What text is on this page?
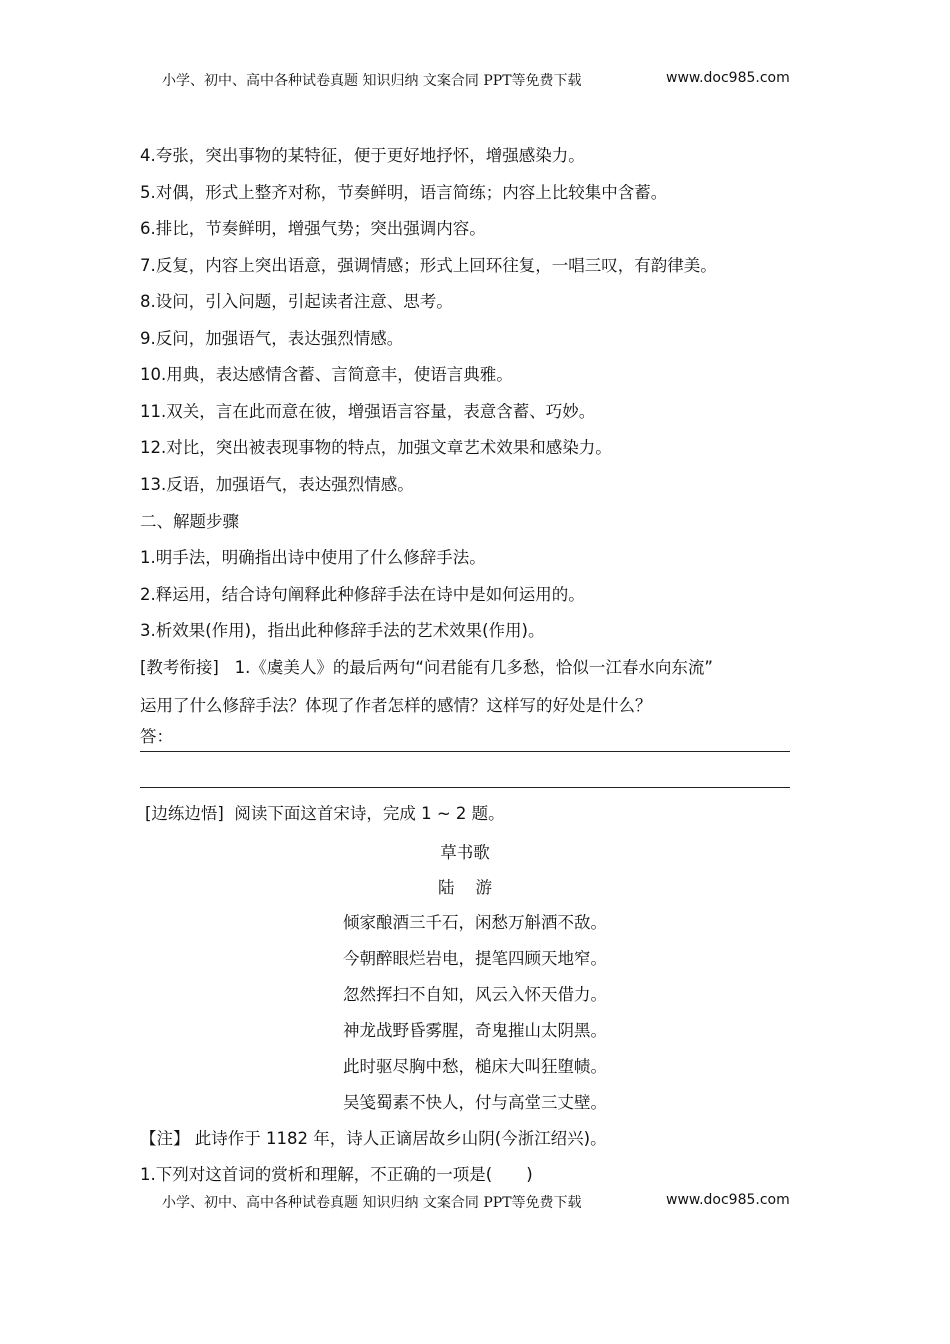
小学、初中、高中各种试卷真题 知识归纳 文案合同 PPT等免费下载	www.doc985.com
4.夸张，突出事物的某特征，便于更好地抒怀，增强感染力。
5.对偶，形式上整齐对称，节奏鲜明，语言简练；内容上比较集中含蓄。
6.排比，节奏鲜明，增强气势；突出强调内容。
7.反复，内容上突出语意，强调情感；形式上回环往复，一唱三叹，有韵律美。
8.设问，引入问题，引起读者注意、思考。
9.反问，加强语气，表达强烈情感。
10.用典，表达感情含蓄、言简意丰，使语言典雅。
11.双关，言在此而意在彼，增强语言容量，表意含蓄、巧妙。
12.对比，突出被表现事物的特点，加强文章艺术效果和感染力。
13.反语，加强语气，表达强烈情感。
二、解题步骤
1.明手法，明确指出诗中使用了什么修辞手法。
2.释运用，结合诗句阐释此种修辞手法在诗中是如何运用的。
3.析效果(作用)，指出此种修辞手法的艺术效果(作用)。
[教考衔接] 1.《虞美人》的最后两句“问君能有几多愁，恰似一江春水向东流”
运用了什么修辞手法？体现了作者怎样的感情？这样写的好处是什么？
答：
[边练边悟] 阅读下面这首宋诗，完成 1 ~ 2 题。
草书歌
陆    游
倾家酿酒三千石，闲愁万斛酒不敌。
今朝醉眼烂岩电，提笔四顾天地窄。
忽然挥扫不自知，风云入怀天借力。
神龙战野昏雾腥，奇鬼摧山太阴黑。
此时驱尽胸中愁，槌床大叫狂堕帻。
吴笺蜀素不快人，付与高堂三丈壁。
【注】 此诗作于 1182 年，诗人正谪居故乡山阴(今浙江绍兴)。
1.下列对这首词的赏析和理解，不正确的一项是( )
小学、初中、高中各种试卷真题 知识归纳 文案合同 PPT等免费下载	www.doc985.com
